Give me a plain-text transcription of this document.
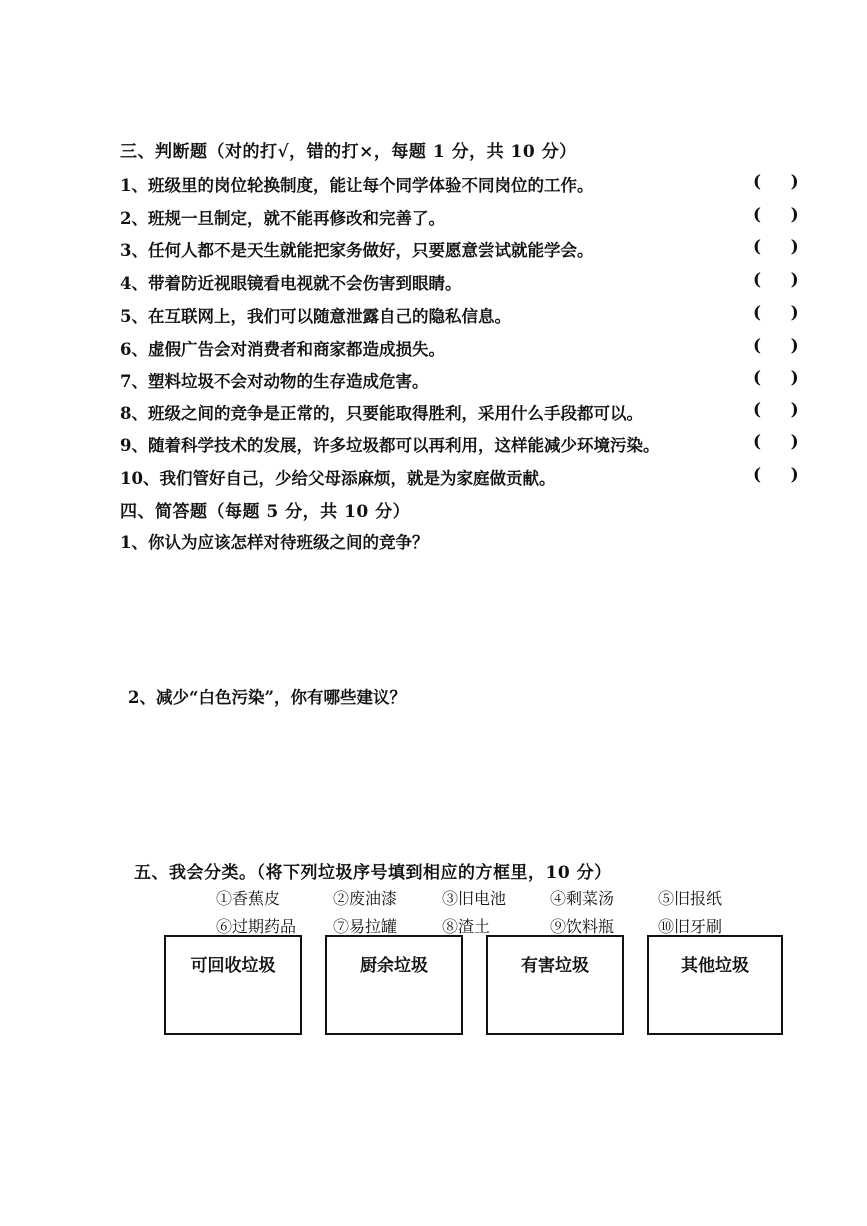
三、判断题（对的打√，错的打×，每题 1 分，共 10 分）
1、班级里的岗位轮换制度，能让每个同学体验不同岗位的工作。	(     )
2、班规一旦制定，就不能再修改和完善了。	(     )
3、任何人都不是天生就能把家务做好，只要愿意尝试就能学会。	(     )
4、带着防近视眼镜看电视就不会伤害到眼睛。	(     )
5、在互联网上，我们可以随意泄露自己的隐私信息。	(     )
6、虚假广告会对消费者和商家都造成损失。	(     )
7、塑料垃圾不会对动物的生存造成危害。	(     )
8、班级之间的竞争是正常的，只要能取得胜利，采用什么手段都可以。	(     )
9、随着科学技术的发展，许多垃圾都可以再利用，这样能减少环境污染。	(     )
10、我们管好自己，少给父母添麻烦，就是为家庭做贡献。	(     )
四、简答题（每题 5 分，共 10 分）
1、你认为应该怎样对待班级之间的竞争？
2、减少“白色污染”，你有哪些建议？
五、我会分类。（将下列垃圾序号填到相应的方框里，10 分）
①香蕉皮	②废油漆	③旧电池	④剩菜汤	⑤旧报纸
⑥过期药品 ⑦易拉罐	⑧渣土	⑨饮料瓶	⑩旧牙刷
可回收垃圾	厨余垃圾	有害垃圾	其他垃圾
